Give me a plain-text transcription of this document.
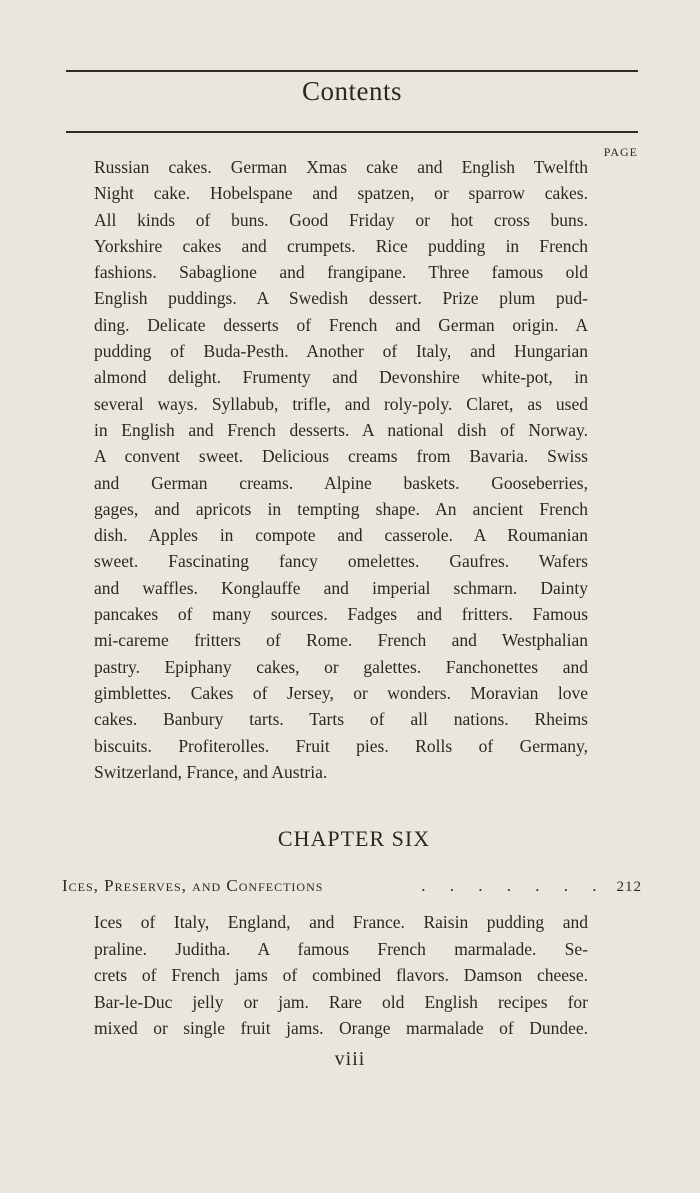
Contents
PAGE
Russian cakes. German Xmas cake and English Twelfth
Night cake. Hobelspane and spatzen, or sparrow cakes.
All kinds of buns. Good Friday or hot cross buns.
Yorkshire cakes and crumpets. Rice pudding in French
fashions. Sabaglione and frangipane. Three famous old
English puddings. A Swedish dessert. Prize plum pud-
ding. Delicate desserts of French and German origin. A
pudding of Buda-Pesth. Another of Italy, and Hungarian
almond delight. Frumenty and Devonshire white-pot, in
several ways. Syllabub, trifle, and roly-poly. Claret, as used
in English and French desserts. A national dish of Norway.
A convent sweet. Delicious creams from Bavaria. Swiss
and German creams. Alpine baskets. Gooseberries,
gages, and apricots in tempting shape. An ancient French
dish. Apples in compote and casserole. A Roumanian
sweet. Fascinating fancy omelettes. Gaufres. Wafers
and waffles. Konglauffe and imperial schmarn. Dainty
pancakes of many sources. Fadges and fritters. Famous
mi-careme fritters of Rome. French and Westphalian
pastry. Epiphany cakes, or galettes. Fanchonettes and
gimblettes. Cakes of Jersey, or wonders. Moravian love
cakes. Banbury tarts. Tarts of all nations. Rheims
biscuits. Profiterolles. Fruit pies. Rolls of Germany,
Switzerland, France, and Austria.
CHAPTER SIX
Ices, Preserves, and Confections	. . . . . . . 212
Ices of Italy, England, and France. Raisin pudding and
praline. Juditha. A famous French marmalade. Se-
crets of French jams of combined flavors. Damson cheese.
Bar-le-Duc jelly or jam. Rare old English recipes for
mixed or single fruit jams. Orange marmalade of Dundee.
viii
